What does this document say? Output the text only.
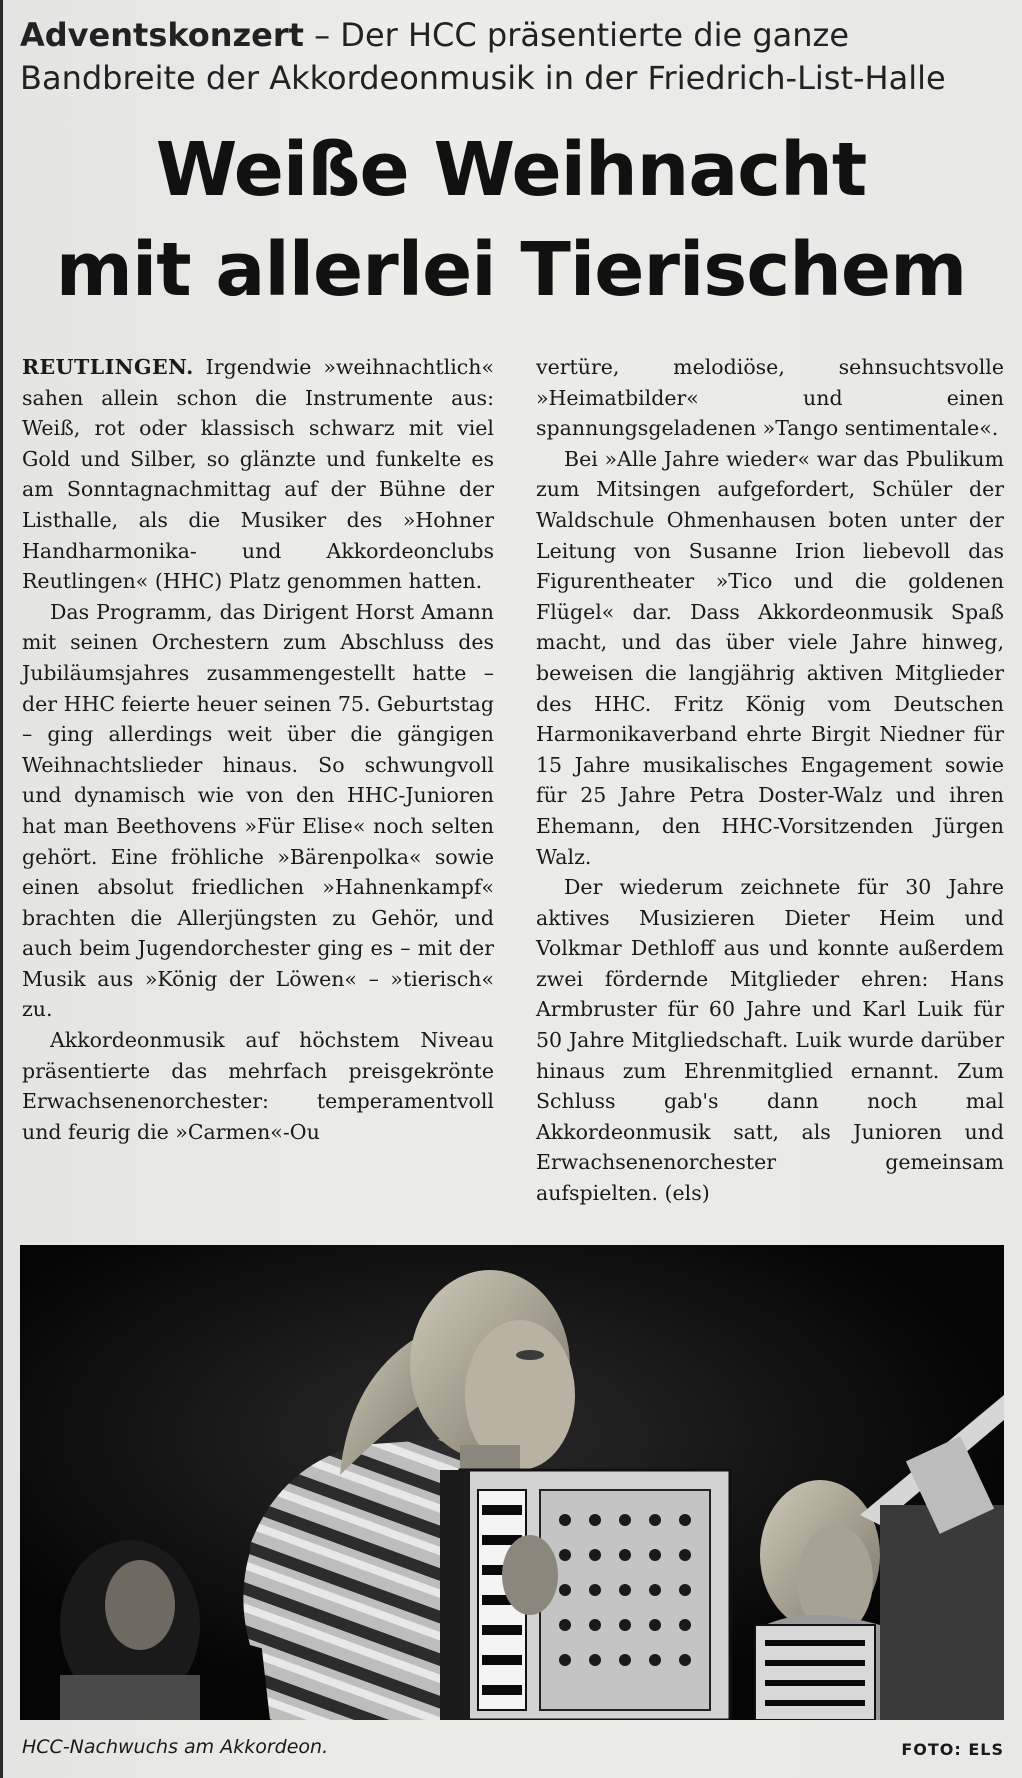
Adventskonzert – Der HCC präsentierte die ganze Bandbreite der Akkordeonmusik in der Friedrich-List-Halle
Weiße Weihnacht
mit allerlei Tierischem

REUTLINGEN. Irgendwie »weihnachtlich« sahen allein schon die Instrumente aus: Weiß, rot oder klassisch schwarz mit viel Gold und Silber, so glänzte und funkelte es am Sonntagnachmittag auf der Bühne der Listhalle, als die Musiker des »Hohner Handharmonika- und Akkordeonclubs Reutlingen« (HHC) Platz genommen hatten.

Das Programm, das Dirigent Horst Amann mit seinen Orchestern zum Abschluss des Jubiläumsjahres zusammengestellt hatte – der HHC feierte heuer seinen 75. Geburtstag – ging allerdings weit über die gängigen Weihnachtslieder hinaus. So schwungvoll und dynamisch wie von den HHC-Junioren hat man Beethovens »Für Elise« noch selten gehört. Eine fröhliche »Bärenpolka« sowie einen absolut friedlichen »Hahnenkampf« brachten die Allerjüngsten zu Gehör, und auch beim Jugendorchester ging es – mit der Musik aus »König der Löwen« – »tierisch« zu.

Akkordeonmusik auf höchstem Niveau präsentierte das mehrfach preisgekrönte Erwachsenenorchester: temperamentvoll und feurig die »Carmen«-Ou

vertüre, melodiöse, sehnsuchtsvolle »Heimatbilder« und einen spannungsgeladenen »Tango sentimentale«.

Bei »Alle Jahre wieder« war das Pbulikum zum Mitsingen aufgefordert, Schüler der Waldschule Ohmenhausen boten unter der Leitung von Susanne Irion liebevoll das Figurentheater »Tico und die goldenen Flügel« dar. Dass Akkordeonmusik Spaß macht, und das über viele Jahre hinweg, beweisen die langjährig aktiven Mitglieder des HHC. Fritz König vom Deutschen Harmonikaverband ehrte Birgit Niedner für 15 Jahre musikalisches Engagement sowie für 25 Jahre Petra Doster-Walz und ihren Ehemann, den HHC-Vorsitzenden Jürgen Walz.

Der wiederum zeichnete für 30 Jahre aktives Musizieren Dieter Heim und Volkmar Dethloff aus und konnte außerdem zwei fördernde Mitglieder ehren: Hans Armbruster für 60 Jahre und Karl Luik für 50 Jahre Mitgliedschaft. Luik wurde darüber hinaus zum Ehrenmitglied ernannt. Zum Schluss gab's dann noch mal Akkordeonmusik satt, als Junioren und Erwachsenenorchester gemeinsam aufspielten. (els)

HCC-Nachwuchs am Akkordeon.	FOTO: ELS
